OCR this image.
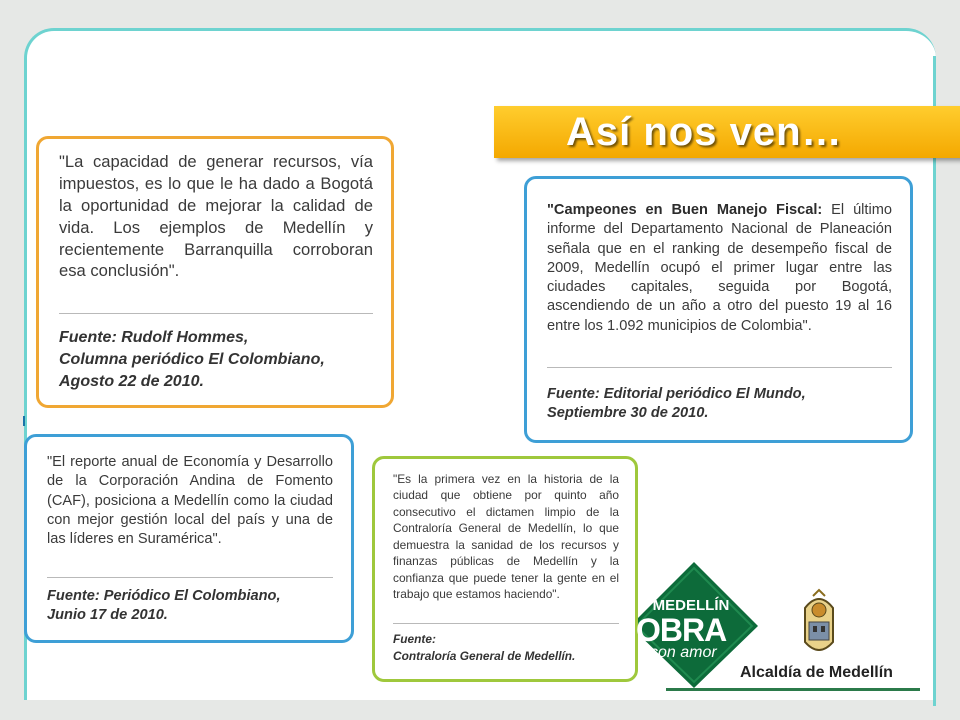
Así nos ven…
"La capacidad de generar recursos, vía impuestos, es lo que le ha dado a Bogotá la oportunidad de mejorar la calidad de vida. Los ejemplos de Medellín y recientemente Barranquilla corroboran esa conclusión".
Fuente: Rudolf Hommes,
Columna periódico El Colombiano,
Agosto 22 de 2010.
"Campeones en Buen Manejo Fiscal: El último informe del Departamento Nacional de Planeación señala que en el ranking de desempeño fiscal de 2009, Medellín ocupó el primer lugar entre las ciudades capitales, seguida por Bogotá, ascendiendo de un año a otro del puesto 19 al 16 entre los 1.092 municipios de Colombia".
Fuente: Editorial periódico El Mundo,
Septiembre 30 de 2010.
"El reporte anual de Economía y Desarrollo de la Corporación Andina de Fomento (CAF), posiciona a Medellín como la ciudad con mejor gestión local del país y una de las líderes en Suramérica".
Fuente: Periódico El Colombiano,
Junio 17 de 2010.
"Es la primera vez en la historia de la ciudad que obtiene por quinto año consecutivo el dictamen limpio de la Contraloría General de Medellín, lo que demuestra la sanidad de los recursos y finanzas públicas de Medellín y la confianza que puede tener la gente en el trabajo que estamos haciendo".
Fuente:
Contraloría General de Medellín.
MEDELLÍN
OBRA
con amor
Alcaldía de Medellín
